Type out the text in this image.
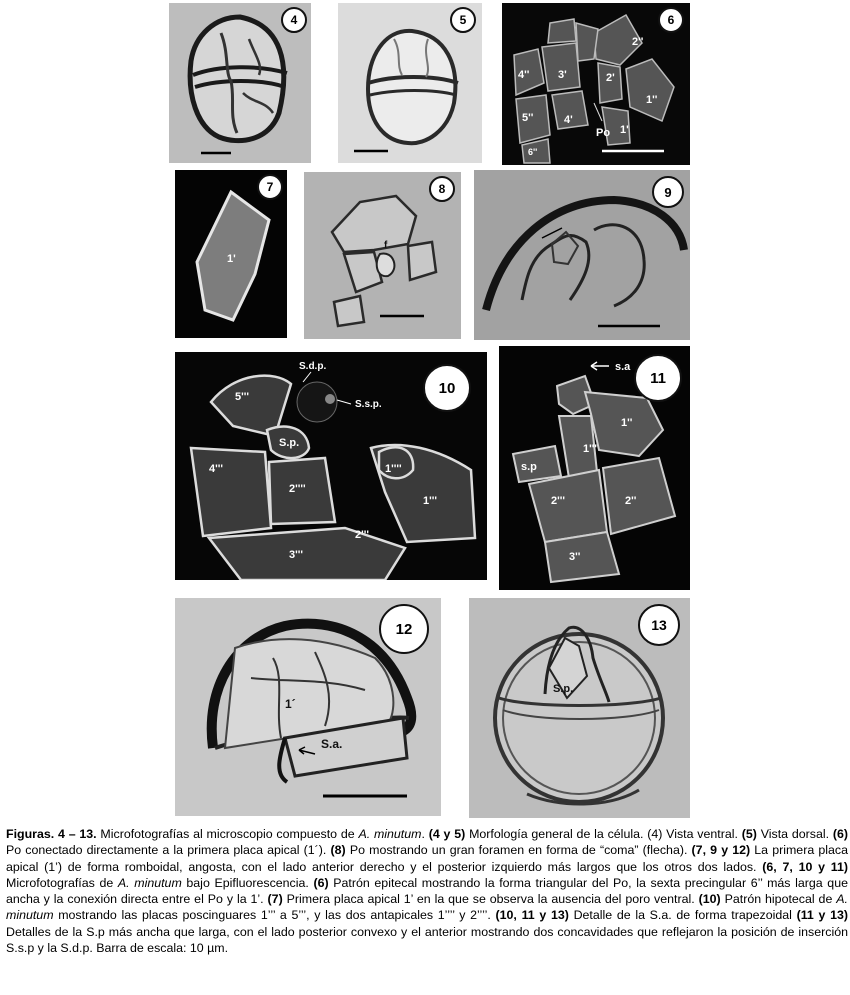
4	5
4''	3'	2'
2''
1''
5''	4'
1'
6''
Po
6
1'
7
f
8	9
S.d.p.
S.s.p.
5'''
S.p.
4'''
2''''
1''''
1'''
2'''
3'''
10
s.a
1''
1'''
s.p
2'''	2''
3''
11
1´
S.a.
12
S.p.
13
Figuras. 4 – 13. Microfotografías al microscopio compuesto de A. minutum. (4 y 5) Morfología general de la célula. (4) Vista ventral. (5) Vista dorsal. (6) Po conectado directamente a la primera placa apical (1´). (8) Po mostrando un gran foramen en forma de “coma” (flecha). (7, 9 y 12) La primera placa apical (1’) de forma romboidal, angosta, con el lado anterior derecho y el posterior izquierdo más largos que los otros dos lados. (6, 7, 10 y 11) Microfotografías de A. minutum bajo Epifluorescencia. (6) Patrón epitecal mostrando la forma triangular del Po, la sexta precingular 6’’ más larga que ancha y la conexión directa entre el Po y la 1’. (7) Primera placa apical 1’ en la que se observa la ausencia del poro ventral. (10) Patrón hipotecal de A. minutum mostrando las placas poscinguares 1’’’ a 5’’’, y las dos antapicales 1’’’’ y 2’’’’. (10, 11 y 13) Detalle de la S.a. de forma trapezoidal (11 y 13) Detalles de la S.p más ancha que larga, con el lado posterior convexo y el anterior mostrando dos concavidades que reflejaron la posición de inserción S.s.p y la S.d.p. Barra de escala: 10 µm.
